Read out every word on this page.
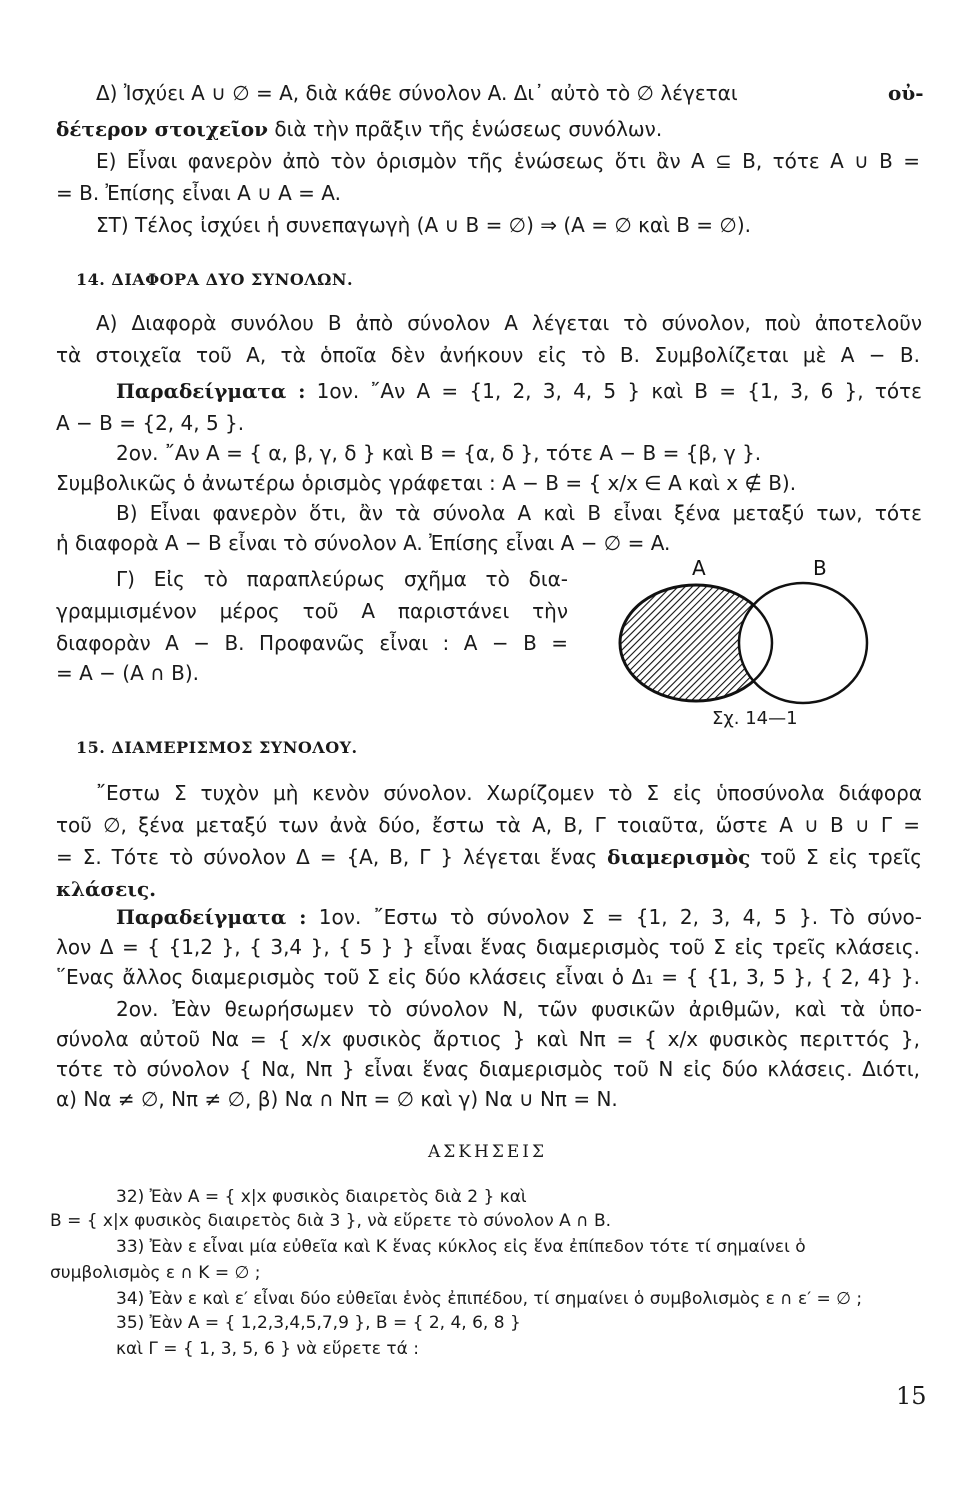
Δ) Ἰσχύει A ∪ ∅ = A, διὰ κάθε σύνολον A. Δι᾿ αὐτὸ τὸ ∅ λέγεται	οὐ-
δέτερον στοιχεῖον διὰ τὴν πρᾶξιν τῆς ἑνώσεως συνόλων.
E) Εἶναι φανερὸν ἀπὸ τὸν ὁρισμὸν τῆς ἑνώσεως ὅτι ἂν A ⊆ B, τότε A ∪ B =
= B. Ἐπίσης εἶναι A ∪ A = A.
ΣΤ) Τέλος ἰσχύει ἡ συνεπαγωγὴ (A ∪ B = ∅) ⇒ (A = ∅ καὶ B = ∅).
14. ΔΙΑΦΟΡΑ ΔΥΟ ΣΥΝΟΛΩΝ.
A) Διαφορὰ συνόλου B ἀπὸ σύνολον A λέγεται τὸ σύνολον, ποὺ ἀποτελοῦν
τὰ στοιχεῖα τοῦ A, τὰ ὁποῖα δὲν ἀνήκουν εἰς τὸ B. Συμβολίζεται μὲ A − B.
Παραδείγματα : 1ον. ῎Αν A = {1, 2, 3, 4, 5 } καὶ B = {1, 3, 6 }, τότε
A − B = {2, 4, 5 }.
2ον. ῎Αν A = { α, β, γ, δ } καὶ B = {α, δ }, τότε A − B = {β, γ }.
Συμβολικῶς ὁ ἀνωτέρω ὁρισμὸς γράφεται : A − B = { x/x ∈ A καὶ x ∉ B).
B) Εἶναι φανερὸν ὅτι, ἂν τὰ σύνολα A καὶ B εἶναι ξένα μεταξύ των, τότε
ἡ διαφορὰ A − B εἶναι τὸ σύνολον A. Ἐπίσης εἶναι A − ∅ = A.
Γ) Εἰς τὸ παραπλεύρως σχῆμα τὸ δια-
γραμμισμένον μέρος τοῦ A παριστάνει τὴν
διαφορὰν A − B. Προφανῶς εἶναι : A − B =
= A − (A ∩ B).
A	B
Σχ. 14—1
15. ΔΙΑΜΕΡΙΣΜΟΣ ΣΥΝΟΛΟΥ.
῎Εστω Σ τυχὸν μὴ κενὸν σύνολον. Χωρίζομεν τὸ Σ εἰς ὑποσύνολα διάφορα
τοῦ ∅, ξένα μεταξύ των ἀνὰ δύο, ἔστω τὰ A, B, Γ τοιαῦτα, ὥστε A ∪ B ∪ Γ =
= Σ. Τότε τὸ σύνολον Δ = {A, B, Γ } λέγεται ἕνας διαμερισμὸς τοῦ Σ εἰς τρεῖς
κλάσεις.
Παραδείγματα : 1ον. ῎Εστω τὸ σύνολον Σ = {1, 2, 3, 4, 5 }. Τὸ σύνο-
λον Δ = { {1,2 }, { 3,4 }, { 5 } } εἶναι ἕνας διαμερισμὸς τοῦ Σ εἰς τρεῖς κλάσεις.
῞Ενας ἄλλος διαμερισμὸς τοῦ Σ εἰς δύο κλάσεις εἶναι ὁ Δ₁ = { {1, 3, 5 }, { 2, 4} }.
2ον. Ἐὰν θεωρήσωμεν τὸ σύνολον N, τῶν φυσικῶν ἀριθμῶν, καὶ τὰ ὑπο-
σύνολα αὐτοῦ Nα = { x/x φυσικὸς ἄρτιος } καὶ Nπ = { x/x φυσικὸς περιττός },
τότε τὸ σύνολον { Nα, Nπ } εἶναι ἕνας διαμερισμὸς τοῦ N εἰς δύο κλάσεις. Διότι,
α) Nα ≠ ∅, Nπ ≠ ∅, β) Nα ∩ Nπ = ∅ καὶ γ) Nα ∪ Nπ = N.
ΑΣΚΗΣΕΙΣ
32) Ἐὰν A = { x|x φυσικὸς διαιρετὸς διὰ 2 } καὶ
B = { x|x φυσικὸς διαιρετὸς διὰ 3 }, νὰ εὕρετε τὸ σύνολον A ∩ B.
33) Ἐὰν ε εἶναι μία εὐθεῖα καὶ K ἕνας κύκλος εἰς ἕνα ἐπίπεδον τότε τί σημαίνει ὁ
συμβολισμὸς ε ∩ K = ∅ ;
34) Ἐὰν ε καὶ ε′ εἶναι δύο εὐθεῖαι ἑνὸς ἐπιπέδου, τί σημαίνει ὁ συμβολισμὸς ε ∩ ε′ = ∅ ;
35) Ἐὰν A = { 1,2,3,4,5,7,9 }, B = { 2, 4, 6, 8 }
καὶ Γ = { 1, 3, 5, 6 } νὰ εὕρετε τά :
15
